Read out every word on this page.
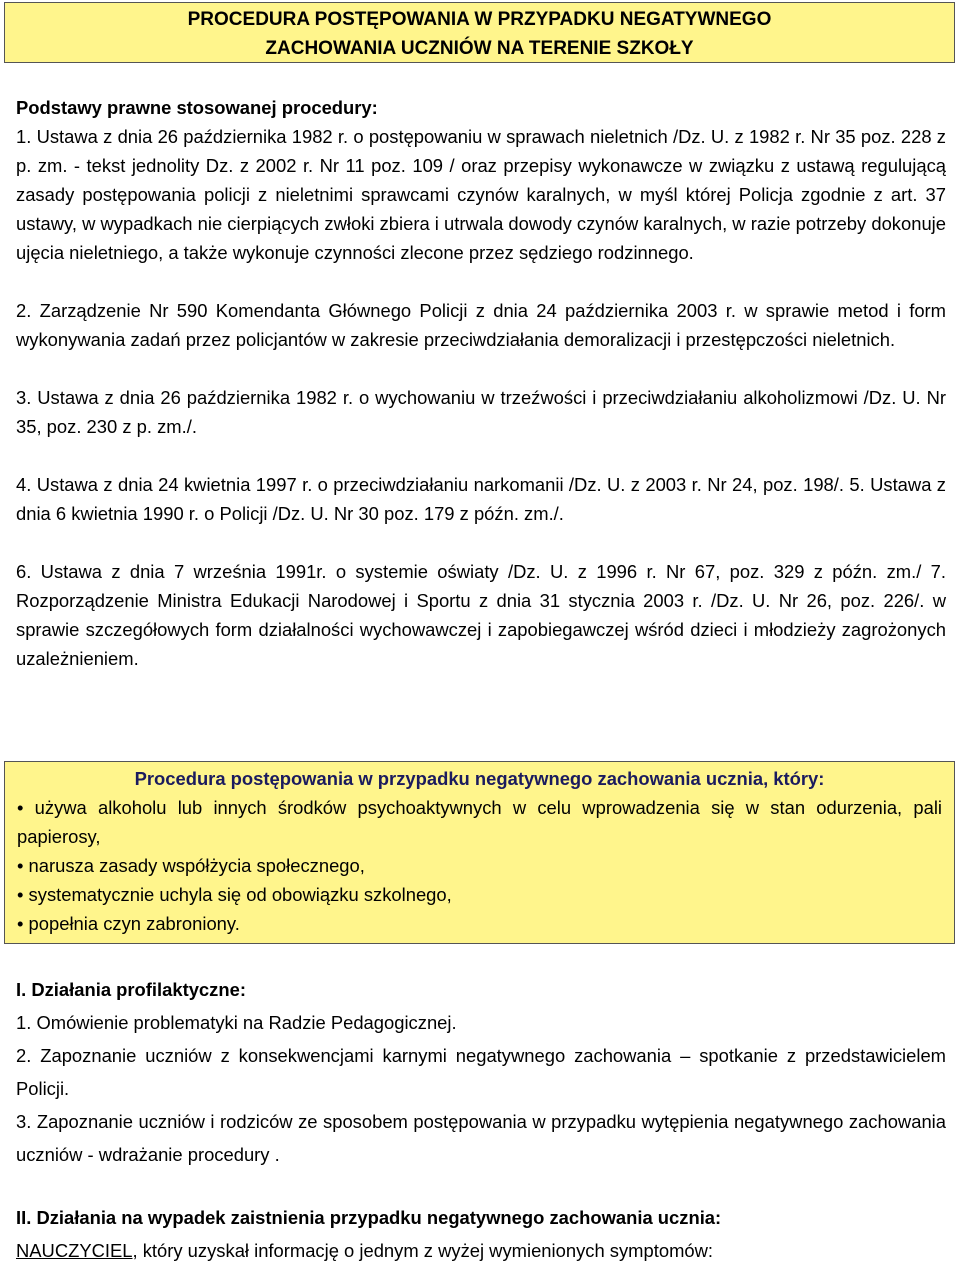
PROCEDURA POSTĘPOWANIA W PRZYPADKU NEGATYWNEGO
ZACHOWANIA UCZNIÓW NA TERENIE SZKOŁY

Podstawy prawne stosowanej procedury:

1. Ustawa z dnia 26 października 1982 r. o postępowaniu w sprawach nieletnich /Dz. U. z 1982 r. Nr 35 poz. 228 z p. zm. - tekst jednolity Dz. z 2002 r. Nr 11 poz. 109 / oraz przepisy wykonawcze w związku z ustawą regulującą zasady postępowania policji z nieletnimi sprawcami czynów karalnych, w myśl której Policja zgodnie z art. 37 ustawy, w wypadkach nie cierpiących zwłoki zbiera i utrwala dowody czynów karalnych, w razie potrzeby dokonuje ujęcia nieletniego, a także wykonuje czynności zlecone przez sędziego rodzinnego.

2. Zarządzenie Nr 590 Komendanta Głównego Policji z dnia 24 października 2003 r. w sprawie metod i form wykonywania zadań przez policjantów w zakresie przeciwdziałania demoralizacji i przestępczości nieletnich.

3. Ustawa z dnia 26 października 1982 r. o wychowaniu w trzeźwości i przeciwdziałaniu alkoholizmowi /Dz. U. Nr 35, poz. 230 z p. zm./.

4. Ustawa z dnia 24 kwietnia 1997 r. o przeciwdziałaniu narkomanii /Dz. U. z 2003 r. Nr 24, poz. 198/. 5. Ustawa z dnia 6 kwietnia 1990 r. o Policji /Dz. U. Nr 30 poz. 179 z późn. zm./.

6. Ustawa z dnia 7 września 1991r. o systemie oświaty /Dz. U. z 1996 r. Nr 67, poz. 329 z późn. zm./ 7. Rozporządzenie Ministra Edukacji Narodowej i Sportu z dnia 31 stycznia 2003 r. /Dz. U. Nr 26, poz. 226/. w sprawie szczegółowych form działalności wychowawczej i zapobiegawczej wśród dzieci i młodzieży zagrożonych uzależnieniem.

Procedura postępowania w przypadku negatywnego zachowania ucznia, który:
• używa alkoholu lub innych środków psychoaktywnych w celu wprowadzenia się w stan odurzenia, pali papierosy,
• narusza zasady współżycia społecznego,
• systematycznie uchyla się od obowiązku szkolnego,
• popełnia czyn zabroniony.

I. Działania profilaktyczne:

1. Omówienie problematyki na Radzie Pedagogicznej.

2. Zapoznanie uczniów z konsekwencjami karnymi negatywnego zachowania – spotkanie z przedstawicielem Policji.

3. Zapoznanie uczniów i rodziców ze sposobem postępowania w przypadku wytępienia negatywnego zachowania uczniów - wdrażanie procedury .

II. Działania na wypadek zaistnienia przypadku negatywnego zachowania ucznia:

NAUCZYCIEL, który uzyskał informację o jednym z wyżej wymienionych symptomów:
